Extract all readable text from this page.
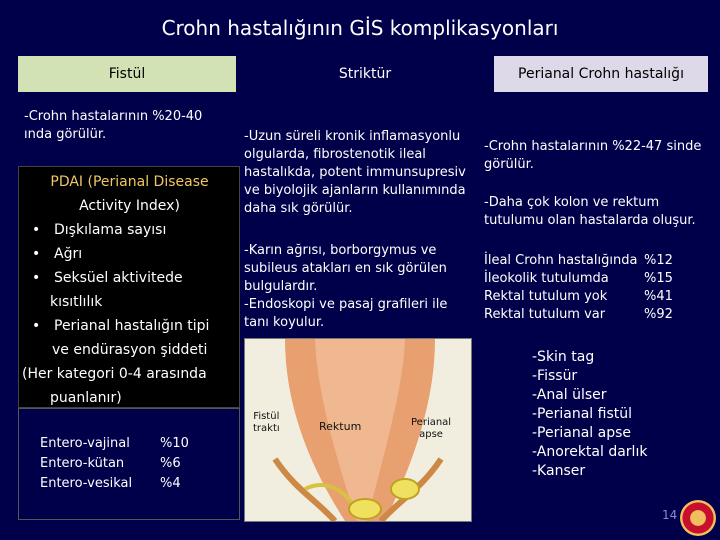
Crohn hastalığının GİS komplikasyonları
Fistül	Striktür	Perianal Crohn hastalığı
-Crohn hastalarının %20-40 ında görülür.
PDAI (Perianal Disease
Activity Index)
• Dışkılama sayısı
• Ağrı
• Seksüel aktivitede
kısıtlılık
• Perianal hastalığın tipi
ve endürasyon şiddeti
(Her kategori 0-4 arasında
puanlanır)
Entero-vajinal	%10
Entero-kütan	%6
Entero-vesikal	%4
-Uzun süreli kronik inflamasyonlu olgularda, fibrostenotik ileal hastalıkda, potent immunsupresiv ve biyolojik ajanların kullanımında daha sık görülür.
-Karın ağrısı, borborgymus ve subileus atakları en sık görülen bulgulardır.
-Endoskopi ve pasaj grafileri ile tanı koyulur.
Fistül
traktı	Rektum	Perianal
apse
-Crohn hastalarının %22-47 sinde görülür.
-Daha çok kolon ve rektum tutulumu olan hastalarda oluşur.
İleal Crohn hastalığında %12
İleokolik tutulumda	%15
Rektal tutulum yok	%41
Rektal tutulum var	%92
-Skin tag
-Fissür
-Anal ülser
-Perianal fistül
-Perianal apse
-Anorektal darlık
-Kanser
14
